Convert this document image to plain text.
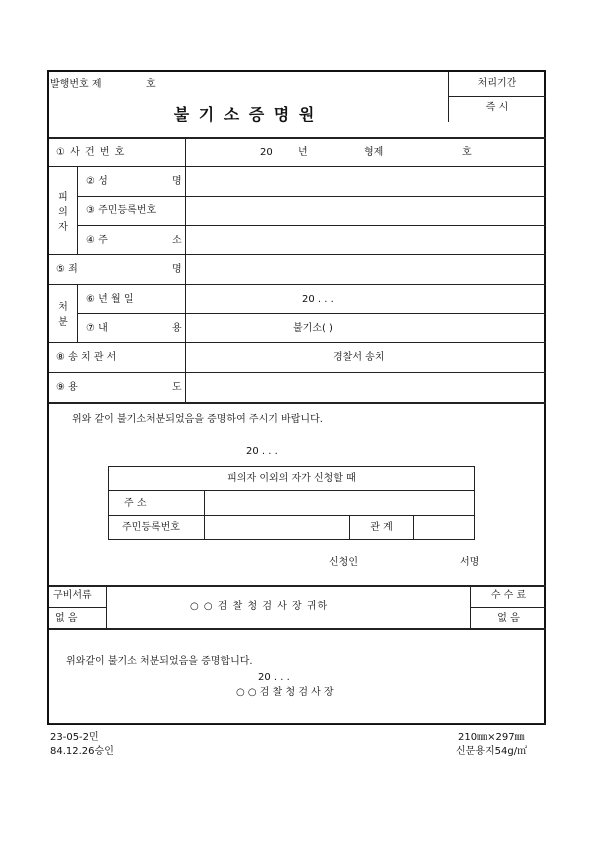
발행번호 제	호
불 기 소 증 명 원
처리기간
즉 시
① 사 건 번 호	20	년	형제	호
피
의
자
② 성	명
③ 주민등록번호
④ 주	소
⑤ 죄	명
처
분
⑥ 년 월 일	20 . . .
⑦ 내	용	불기소( )
⑧ 송 치 관 서	경찰서 송치
⑨ 용	도
위와 같이 불기소처분되었음을 증명하여 주시기 바랍니다.
20 . . .
피의자 이외의 자가 신청할 때
주 소
주민등록번호	관 계
신청인	서명
구비서류
없 음
○ ○ 검 찰 청 검 사 장 귀하
수 수 료
없 음
위와같이 불기소 처분되었음을 증명합니다.
20 . . .
○ ○ 검 찰 청 검 사 장
23-05-2민
84.12.26승인
210㎜×297㎜
신문용지54g/㎡
